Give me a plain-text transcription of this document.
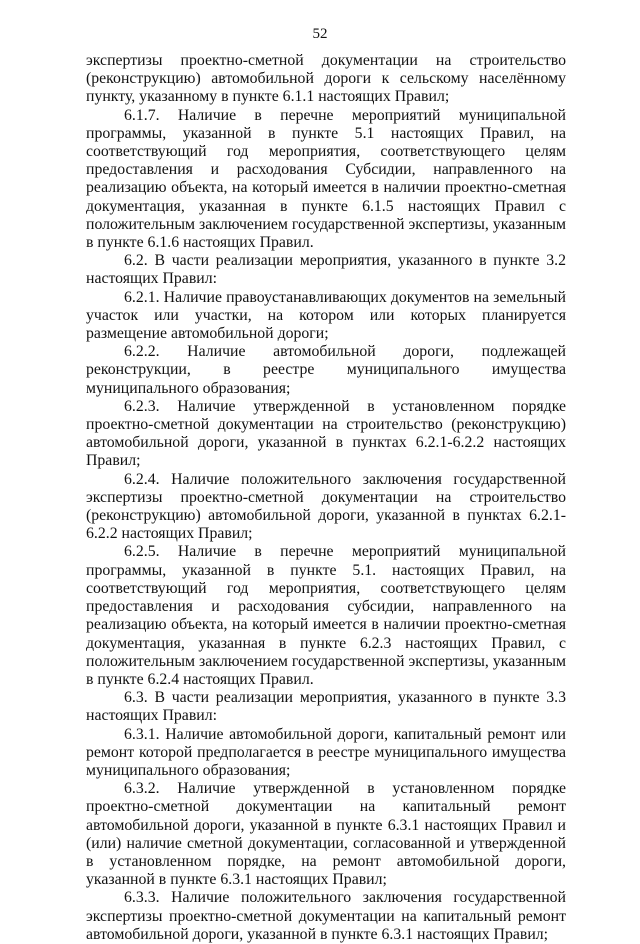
52

экспертизы проектно-сметной документации на строительство (реконструкцию) автомобильной дороги к сельскому населённому пункту, указанному в пункте 6.1.1 настоящих Правил;

6.1.7. Наличие в перечне мероприятий муниципальной программы, указанной в пункте 5.1 настоящих Правил, на соответствующий год мероприятия, соответствующего целям предоставления и расходования Субсидии, направленного на реализацию объекта, на который имеется в наличии проектно-сметная документация, указанная в пункте 6.1.5 настоящих Правил с положительным заключением государственной экспертизы, указанным в пункте 6.1.6 настоящих Правил.

6.2. В части реализации мероприятия, указанного в пункте 3.2 настоящих Правил:

6.2.1. Наличие правоустанавливающих документов на земельный участок или участки, на котором или которых планируется размещение автомобильной дороги;

6.2.2. Наличие автомобильной дороги, подлежащей реконструкции, в реестре муниципального имущества муниципального образования;

6.2.3. Наличие утвержденной в установленном порядке проектно-сметной документации на строительство (реконструкцию) автомобильной дороги, указанной в пунктах 6.2.1-6.2.2 настоящих Правил;

6.2.4. Наличие положительного заключения государственной экспертизы проектно-сметной документации на строительство (реконструкцию) автомобильной дороги, указанной в пунктах 6.2.1-6.2.2 настоящих Правил;

6.2.5. Наличие в перечне мероприятий муниципальной программы, указанной в пункте 5.1. настоящих Правил, на соответствующий год мероприятия, соответствующего целям предоставления и расходования субсидии, направленного на реализацию объекта, на который имеется в наличии проектно-сметная документация, указанная в пункте 6.2.3 настоящих Правил, с положительным заключением государственной экспертизы, указанным в пункте 6.2.4 настоящих Правил.

6.3. В части реализации мероприятия, указанного в пункте 3.3 настоящих Правил:

6.3.1. Наличие автомобильной дороги, капитальный ремонт или ремонт которой предполагается в реестре муниципального имущества муниципального образования;

6.3.2. Наличие утвержденной в установленном порядке проектно-сметной документации на капитальный ремонт автомобильной дороги, указанной в пункте 6.3.1 настоящих Правил и (или) наличие сметной документации, согласованной и утвержденной в установленном порядке, на ремонт автомобильной дороги, указанной в пункте 6.3.1 настоящих Правил;

6.3.3. Наличие положительного заключения государственной экспертизы проектно-сметной документации на капитальный ремонт автомобильной дороги, указанной в пункте 6.3.1 настоящих Правил;
